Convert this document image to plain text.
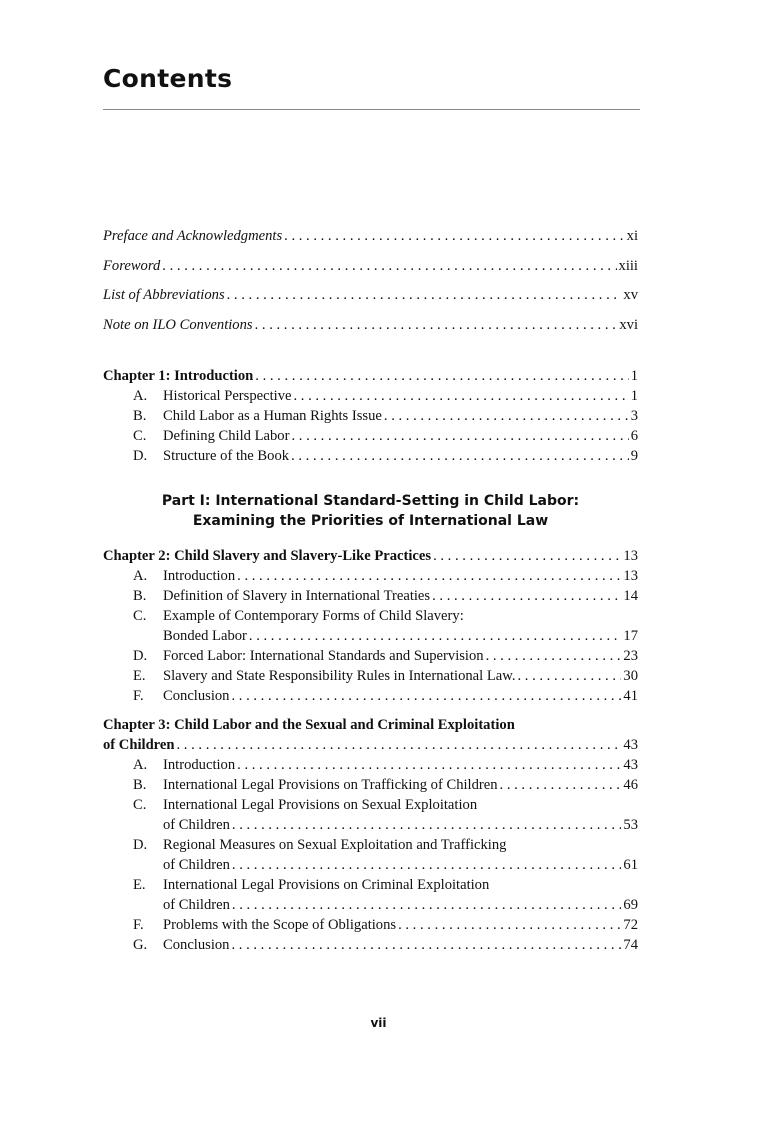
Contents
Preface and Acknowledgments . . .	xi
Foreword . . .	xiii
List of Abbreviations . . .	xv
Note on ILO Conventions . . .	xvi
Chapter 1: Introduction . . .	1
A.	Historical Perspective . . .	1
B.	Child Labor as a Human Rights Issue . . .	3
C.	Defining Child Labor . . .	6
D.	Structure of the Book . . .	9
Part I: International Standard-Setting in Child Labor:
Examining the Priorities of International Law
Chapter 2: Child Slavery and Slavery-Like Practices . . .	13
A.	Introduction . . .	13
B.	Definition of Slavery in International Treaties . . .	14
C.	Example of Contemporary Forms of Child Slavery:
Bonded Labor . . .	17
D.	Forced Labor: International Standards and Supervision . . .	23
E.	Slavery and State Responsibility Rules in International Law. . . .	30
F.	Conclusion . . .	41
Chapter 3: Child Labor and the Sexual and Criminal Exploitation
of Children . . .	43
A.	Introduction . . .	43
B.	International Legal Provisions on Trafficking of Children . . .	46
C.	International Legal Provisions on Sexual Exploitation
of Children . . .	53
D.	Regional Measures on Sexual Exploitation and Trafficking
of Children . . .	61
E.	International Legal Provisions on Criminal Exploitation
of Children . . .	69
F.	Problems with the Scope of Obligations . . .	72
G.	Conclusion . . .	74
vii
